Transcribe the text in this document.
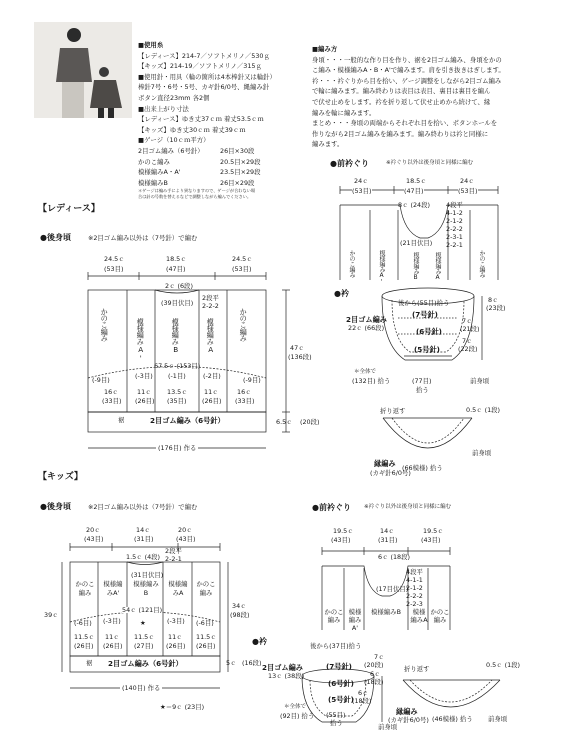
■使用糸
【レディース】214-7／ソフトメリノ／530ｇ
【キッズ】214-19／ソフトメリノ／315ｇ
■使用針・用具（輪の箇所は4本棒針又は輪針）
棒針7号・6号・5号、カギ針6/0号、縄編み針
ボタン直径23mm 各2個
■出来上がり寸法
【レディース】ゆき丈37ｃｍ 着丈53.5ｃｍ
【キッズ】ゆき丈30ｃｍ 着丈39ｃｍ
■ゲージ（10ｃｍ平方）
2目ゴム編み（6号針）	26目×30段
かのこ編み	20.5目×29段
模様編みA・A'	23.5目×29段
模様編みB	26目×29段
＊ゲージは編み手により異なりますので、ゲージが合わない場
合は針の号数を替えるなどで調整しながら編んでください。
■編み方
身頃・・・一般的な作り目を作り、裾を2目ゴム編み、身頃をかの
こ編み・模様編みA・B・A'で編みます。肩を引き抜きはぎします。
衿・・・衿ぐりから目を拾い、ゲージ調整をしながら2目ゴム編み
で輪に編みます。編み終わりは表目は表目、裏目は裏目を編ん
で伏せ止めをします。衿を折り返して伏せ止めから続けて、縁
編みを輪に編みます。
まとめ・・・身頃の両端からそれぞれ目を拾い、ボタンホールを
作りながら2目ゴム編みを編みます。編み終わりは衿と同様に
編みます。
【レディース】
●後身頃	※2目ゴム編み以外は（7号針）で編む
24.5ｃ	18.5ｃ	24.5ｃ
(53目)	(47目)	(53目)
2ｃ (6段)
(39目伏目)
2段平
2-2-2
かのこ編み	模様編みA'	模様編みB	模様編みA	かのこ編み
67.5ｃ (153目)
(-9目)	(-3目) (-1目)	(-2目)	(-9目)
16ｃ
(33目)
11ｃ
(26目)
13.5ｃ
(35目)
11ｃ
(26目)
16ｃ
(33目)
裾	2目ゴム編み（6号針）
47ｃ
(136段)
6.5ｃ (20段)
(176目) 作る
●前衿ぐり	※衿ぐり以外は後身頃と同様に編む
24ｃ	18.5ｃ	24ｃ
(53目)	(47目)	(53目)
8ｃ (24段)
(21目伏目)
4段平
4-1-2
2-1-2
2-2-2
2-3-1
2-2-1
かのこ編み	模様編みA'	模様編みB	模様編みA	かのこ編み
●衿
後から(55目)拾う
2目ゴム編み
22ｃ (66段)
(7号針)
(6号針)
(5号針)
8ｃ
(23段)
7ｃ
(21段)
7ｃ
(22段)
＊全体で
(132目) 拾う	(77目)
拾う
前身頃
折り返す	0.5ｃ (1段)
縁編み
(カギ針6/0号)
(66模様) 拾う
前身頃
【キッズ】
●後身頃	※2目ゴム編み以外は（7号針）で編む
20ｃ	14ｃ	20ｃ
(43目)	(31目)	(43目)
1.5ｃ (4段)
(31目伏目)
2段平
2-2-1
かのこ編み
模様編みA'
模様編みB
模様編みA
かのこ編み
54ｃ (121目)
(-6目) (-3目)	(-3目) (-6目)
★
11.5ｃ
(26目)
11ｃ
(26目)
11.5ｃ
(27目)
11ｃ
(26目)
11.5ｃ
(26目)
裾 2目ゴム編み（6号針）
39ｃ
34ｃ
(98段)
5ｃ (16段)
(140目) 作る
★＝9ｃ (23目)
●前衿ぐり ※衿ぐり以外は後身頃と同様に編む
19.5ｃ	14ｃ	19.5ｃ
(43目)	(31目)	(43目)
6ｃ (18段)
(17目伏目)
4段平
4-1-1
2-1-2
2-2-2
2-2-3
かのこ編み
模様編みA'
模様編みB	模様編みA
かのこ編み
●衿	後から(37目)拾う
2目ゴム編み
13ｃ (38段)
(7号針)
(6号針)
(5号針)
7ｃ
(20段)
6ｃ
(18段)
6ｃ
(18段)
＊全体で
(92目) 拾う (55目)
拾う	前身頃
折り返す	0.5ｃ (1段)
縁編み
(カギ針6/0号) (46模様) 拾う 前身頃
